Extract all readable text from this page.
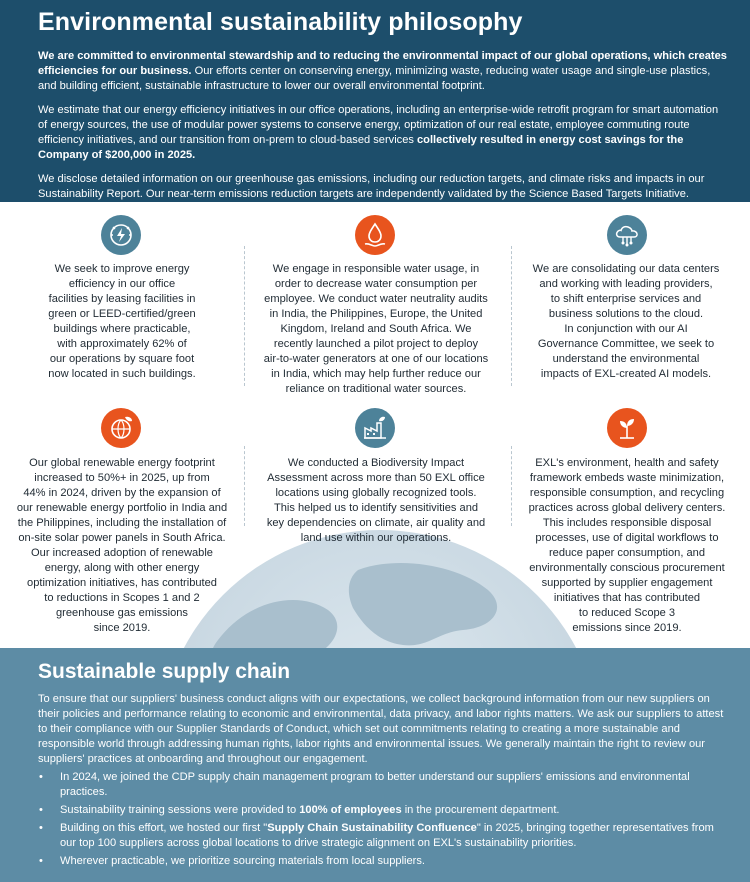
Environmental sustainability philosophy

We are committed to environmental stewardship and to reducing the environmental impact of our global operations, which creates efficiencies for our business. Our efforts center on conserving energy, minimizing waste, reducing water usage and single-use plastics, and building efficient, sustainable infrastructure to lower our overall environmental footprint.

We estimate that our energy efficiency initiatives in our office operations, including an enterprise-wide retrofit program for smart automation of energy sources, the use of modular power systems to conserve energy, optimization of our real estate, employee commuting route efficiency initiatives, and our transition from on-prem to cloud-based services collectively resulted in energy cost savings for the Company of $200,000 in 2025.

We disclose detailed information on our greenhouse gas emissions, including our reduction targets, and climate risks and impacts in our Sustainability Report. Our near-term emissions reduction targets are independently validated by the Science Based Targets Initiative.

We seek to improve energy
efficiency in our office
facilities by leasing facilities in
green or LEED-certified/green
buildings where practicable,
with approximately 62% of
our operations by square foot
now located in such buildings.
We engage in responsible water usage, in
order to decrease water consumption per
employee. We conduct water neutrality audits
in India, the Philippines, Europe, the United
Kingdom, Ireland and South Africa. We
recently launched a pilot project to deploy
air-to-water generators at one of our locations
in India, which may help further reduce our
reliance on traditional water sources.
We are consolidating our data centers
and working with leading providers,
to shift enterprise services and
business solutions to the cloud.
In conjunction with our AI
Governance Committee, we seek to
understand the environmental
impacts of EXL-created AI models.
Our global renewable energy footprint
increased to 50%+ in 2025, up from
44% in 2024, driven by the expansion of
our renewable energy portfolio in India and
the Philippines, including the installation of
on-site solar power panels in South Africa.
Our increased adoption of renewable
energy, along with other energy
optimization initiatives, has contributed
to reductions in Scopes 1 and 2
greenhouse gas emissions
since 2019.
We conducted a Biodiversity Impact
Assessment across more than 50 EXL office
locations using globally recognized tools.
This helped us to identify sensitivities and
key dependencies on climate, air quality and
land use within our operations.
EXL's environment, health and safety
framework embeds waste minimization,
responsible consumption, and recycling
practices across global delivery centers.
This includes responsible disposal
processes, use of digital workflows to
reduce paper consumption, and
environmentally conscious procurement
supported by supplier engagement
initiatives that has contributed
to reduced Scope 3
emissions since 2019.
Sustainable supply chain

To ensure that our suppliers' business conduct aligns with our expectations, we collect background information from our new suppliers on their policies and performance relating to economic and environmental, data privacy, and labor rights matters. We ask our suppliers to attest to their compliance with our Supplier Standards of Conduct, which set out commitments relating to creating a more sustainable and responsible world through addressing human rights, labor rights and environmental issues. We generally maintain the right to review our suppliers' practices at onboarding and throughout our engagement.

• In 2024, we joined the CDP supply chain management program to better understand our suppliers' emissions and environmental practices.
• Sustainability training sessions were provided to 100% of employees in the procurement department.
• Building on this effort, we hosted our first "Supply Chain Sustainability Confluence" in 2025, bringing together representatives from our top 100 suppliers across global locations to drive strategic alignment on EXL's sustainability priorities.
• Wherever practicable, we prioritize sourcing materials from local suppliers.
